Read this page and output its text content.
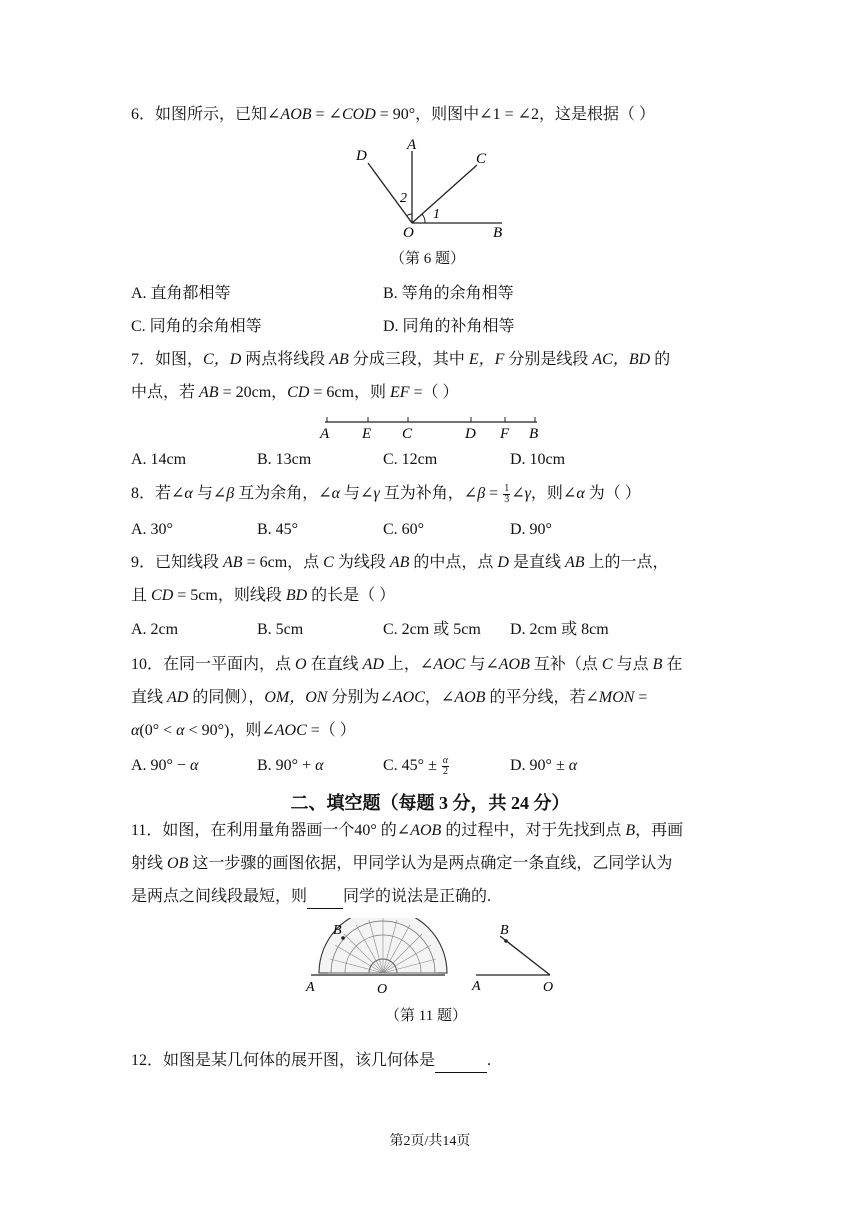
6．如图所示，已知∠AOB = ∠COD = 90°，则图中∠1 = ∠2，这是根据（ ）
D
A
C
O	B
1
2
（第 6 题）
A. 直角都相等	B. 等角的余角相等
C. 同角的余角相等	D. 同角的补角相等
7．如图，C，D 两点将线段 AB 分成三段，其中 E，F 分别是线段 AC，BD 的
中点，若 AB = 20cm，CD = 6cm，则 EF =（ ）
A E C	D F B
A. 14cm	B. 13cm	C. 12cm	D. 10cm
8．若∠α 与∠β 互为余角，∠α 与∠γ 互为补角，∠β = $\frac{1}{3}$ ∠γ，则∠α 为（ ）
A. 30°	B. 45°	C. 60°	D. 90°
9．已知线段 AB = 6cm，点 C 为线段 AB 的中点，点 D 是直线 AB 上的一点，
且 CD = 5cm，则线段 BD 的长是（ ）
A. 2cm	B. 5cm	C. 2cm 或 5cm D. 2cm 或 8cm
10．在同一平面内，点 O 在直线 AD 上，∠AOC 与∠AOB 互补（点 C 与点 B 在
直线 AD 的同侧），OM，ON 分别为∠AOC，∠AOB 的平分线，若∠MON =
α(0° < α < 90°)，则∠AOC =（ ）
A. 90° − α	B. 90° + α	C. $45^\circ \pm \frac{\alpha}{2}$	D. 90° ± α
二、填空题（每题 3 分，共 24 分）
11．如图，在利用量角器画一个40° 的∠AOB 的过程中，对于先找到点 B，再画
射线 OB 这一步骤的画图依据，甲同学认为是两点确定一条直线，乙同学认为
是两点之间线段最短，则 同学的说法是正确的.
B
A	O
B
A	O
（第 11 题）
12．如图是某几何体的展开图，该几何体是	.
第2页/共14页
